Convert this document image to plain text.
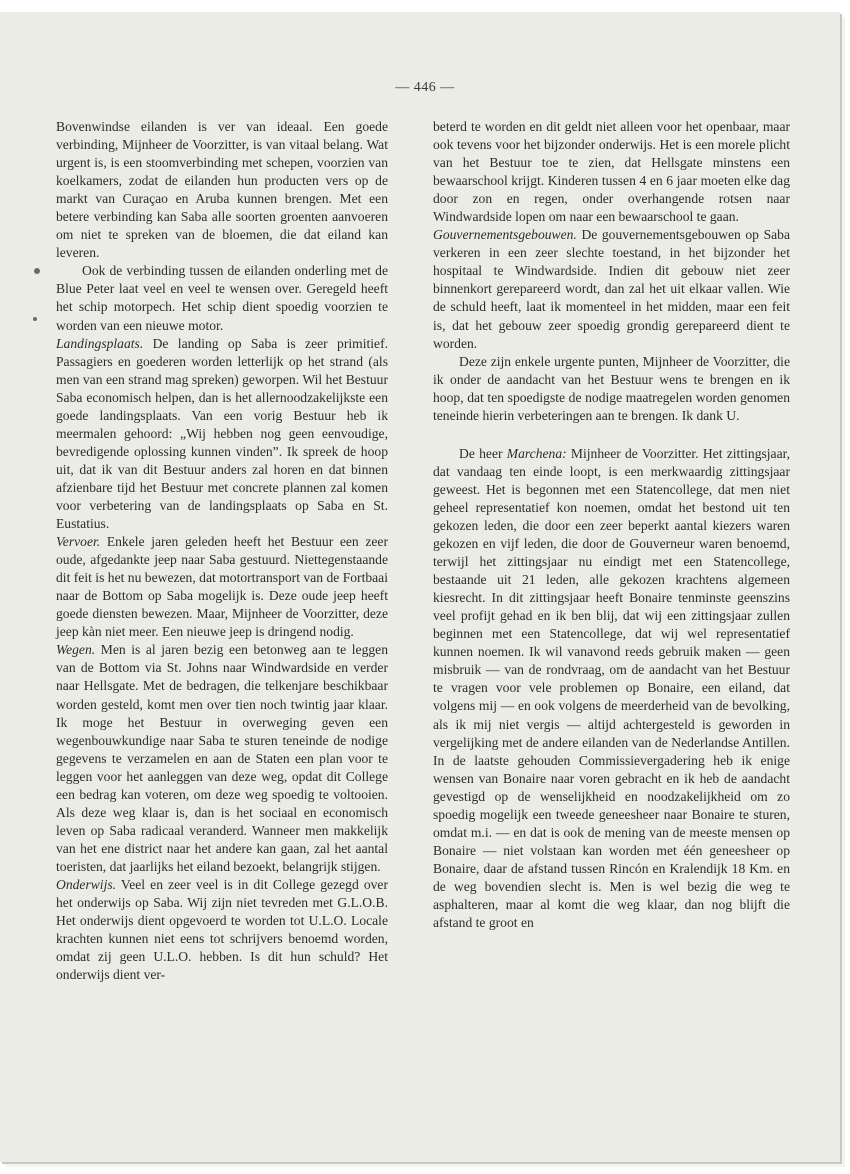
— 446 —

Bovenwindse eilanden is ver van ideaal. Een goede verbinding, Mijnheer de Voorzitter, is van vitaal belang. Wat urgent is, is een stoomverbinding met schepen, voorzien van koelkamers, zodat de eilanden hun producten vers op de markt van Curaçao en Aruba kunnen brengen. Met een betere verbinding kan Saba alle soorten groenten aanvoeren om niet te spreken van de bloemen, die dat eiland kan leveren.

Ook de verbinding tussen de eilanden onderling met de Blue Peter laat veel en veel te wensen over. Geregeld heeft het schip motorpech. Het schip dient spoedig voorzien te worden van een nieuwe motor.

Landingsplaats. De landing op Saba is zeer primitief. Passagiers en goederen worden letterlijk op het strand (als men van een strand mag spreken) geworpen. Wil het Bestuur Saba economisch helpen, dan is het allernoodzakelijkste een goede landingsplaats. Van een vorig Bestuur heb ik meermalen gehoord: „Wij hebben nog geen eenvoudige, bevredigende oplossing kunnen vinden”. Ik spreek de hoop uit, dat ik van dit Bestuur anders zal horen en dat binnen afzienbare tijd het Bestuur met concrete plannen zal komen voor verbetering van de landingsplaats op Saba en St. Eustatius.

Vervoer. Enkele jaren geleden heeft het Bestuur een zeer oude, afgedankte jeep naar Saba gestuurd. Niettegenstaande dit feit is het nu bewezen, dat motortransport van de Fortbaai naar de Bottom op Saba mogelijk is. Deze oude jeep heeft goede diensten bewezen. Maar, Mijnheer de Voorzitter, deze jeep kàn niet meer. Een nieuwe jeep is dringend nodig.

Wegen. Men is al jaren bezig een betonweg aan te leggen van de Bottom via St. Johns naar Windwardside en verder naar Hellsgate. Met de bedragen, die telkenjare beschikbaar worden gesteld, komt men over tien noch twintig jaar klaar. Ik moge het Bestuur in overweging geven een wegenbouwkundige naar Saba te sturen teneinde de nodige gegevens te verzamelen en aan de Staten een plan voor te leggen voor het aanleggen van deze weg, opdat dit College een bedrag kan voteren, om deze weg spoedig te voltooien. Als deze weg klaar is, dan is het sociaal en economisch leven op Saba radicaal veranderd. Wanneer men makkelijk van het ene district naar het andere kan gaan, zal het aantal toeristen, dat jaarlijks het eiland bezoekt, belangrijk stijgen.

Onderwijs. Veel en zeer veel is in dit College gezegd over het onderwijs op Saba. Wij zijn niet tevreden met G.L.O.B. Het onderwijs dient opgevoerd te worden tot U.L.O. Locale krachten kunnen niet eens tot schrijvers benoemd worden, omdat zij geen U.L.O. hebben. Is dit hun schuld? Het onderwijs dient ver-

beterd te worden en dit geldt niet alleen voor het openbaar, maar ook tevens voor het bijzonder onderwijs. Het is een morele plicht van het Bestuur toe te zien, dat Hellsgate minstens een bewaarschool krijgt. Kinderen tussen 4 en 6 jaar moeten elke dag door zon en regen, onder overhangende rotsen naar Windwardside lopen om naar een bewaarschool te gaan.

Gouvernementsgebouwen. De gouvernementsgebouwen op Saba verkeren in een zeer slechte toestand, in het bijzonder het hospitaal te Windwardside. Indien dit gebouw niet zeer binnenkort gerepareerd wordt, dan zal het uit elkaar vallen. Wie de schuld heeft, laat ik momenteel in het midden, maar een feit is, dat het gebouw zeer spoedig grondig gerepareerd dient te worden.

Deze zijn enkele urgente punten, Mijnheer de Voorzitter, die ik onder de aandacht van het Bestuur wens te brengen en ik hoop, dat ten spoedigste de nodige maatregelen worden genomen teneinde hierin verbeteringen aan te brengen. Ik dank U.

De heer Marchena: Mijnheer de Voorzitter. Het zittingsjaar, dat vandaag ten einde loopt, is een merkwaardig zittingsjaar geweest. Het is begonnen met een Statencollege, dat men niet geheel representatief kon noemen, omdat het bestond uit ten gekozen leden, die door een zeer beperkt aantal kiezers waren gekozen en vijf leden, die door de Gouverneur waren benoemd, terwijl het zittingsjaar nu eindigt met een Statencollege, bestaande uit 21 leden, alle gekozen krachtens algemeen kiesrecht. In dit zittingsjaar heeft Bonaire tenminste geenszins veel profijt gehad en ik ben blij, dat wij een zittingsjaar zullen beginnen met een Statencollege, dat wij wel representatief kunnen noemen. Ik wil vanavond reeds gebruik maken — geen misbruik — van de rondvraag, om de aandacht van het Bestuur te vragen voor vele problemen op Bonaire, een eiland, dat volgens mij — en ook volgens de meerderheid van de bevolking, als ik mij niet vergis — altijd achtergesteld is geworden in vergelijking met de andere eilanden van de Nederlandse Antillen. In de laatste gehouden Commissievergadering heb ik enige wensen van Bonaire naar voren gebracht en ik heb de aandacht gevestigd op de wenselijkheid en noodzakelijkheid om zo spoedig mogelijk een tweede geneesheer naar Bonaire te sturen, omdat m.i. — en dat is ook de mening van de meeste mensen op Bonaire — niet volstaan kan worden met één geneesheer op Bonaire, daar de afstand tussen Rincón en Kralendijk 18 Km. en de weg bovendien slecht is. Men is wel bezig die weg te asphalteren, maar al komt die weg klaar, dan nog blijft die afstand te groot en
